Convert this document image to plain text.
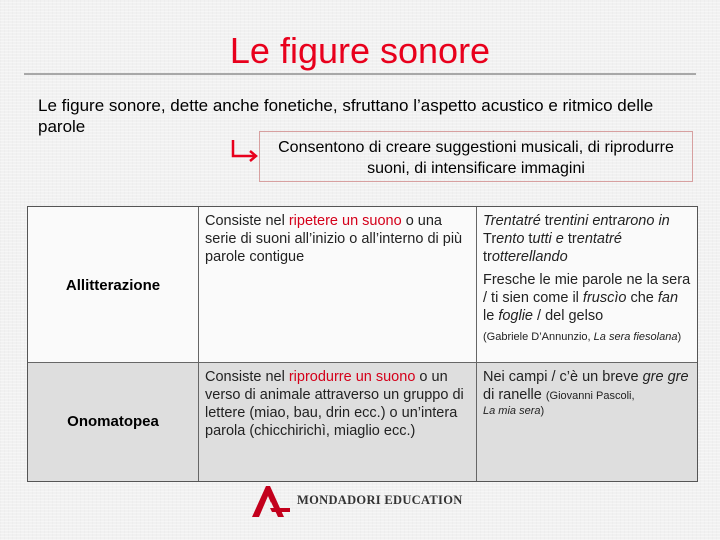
Le figure sonore
Le figure sonore, dette anche fonetiche, sfruttano l’aspetto acustico e ritmico delle parole
Consentono di creare suggestioni musicali, di riprodurre suoni, di intensificare immagini
Allitterazione
Consiste nel ripetere un suono o una serie di suoni all’inizio o all’interno di più parole contigue
Trentatré trentini entrarono in Trento tutti e trentatré trotterellando
Fresche le mie parole ne la sera / ti sien come il fruscìo che fan le foglie / del gelso
(Gabriele D’Annunzio, La sera fiesolana)
Onomatopea
Consiste nel riprodurre un suono o un verso di animale attraverso un gruppo di lettere (miao, bau, drin ecc.) o un’intera parola (chicchirichì, miaglio ecc.)
Nei campi / c’è un breve gre gre di ranelle (Giovanni Pascoli,
La mia sera)
MONDADORI EDUCATION
